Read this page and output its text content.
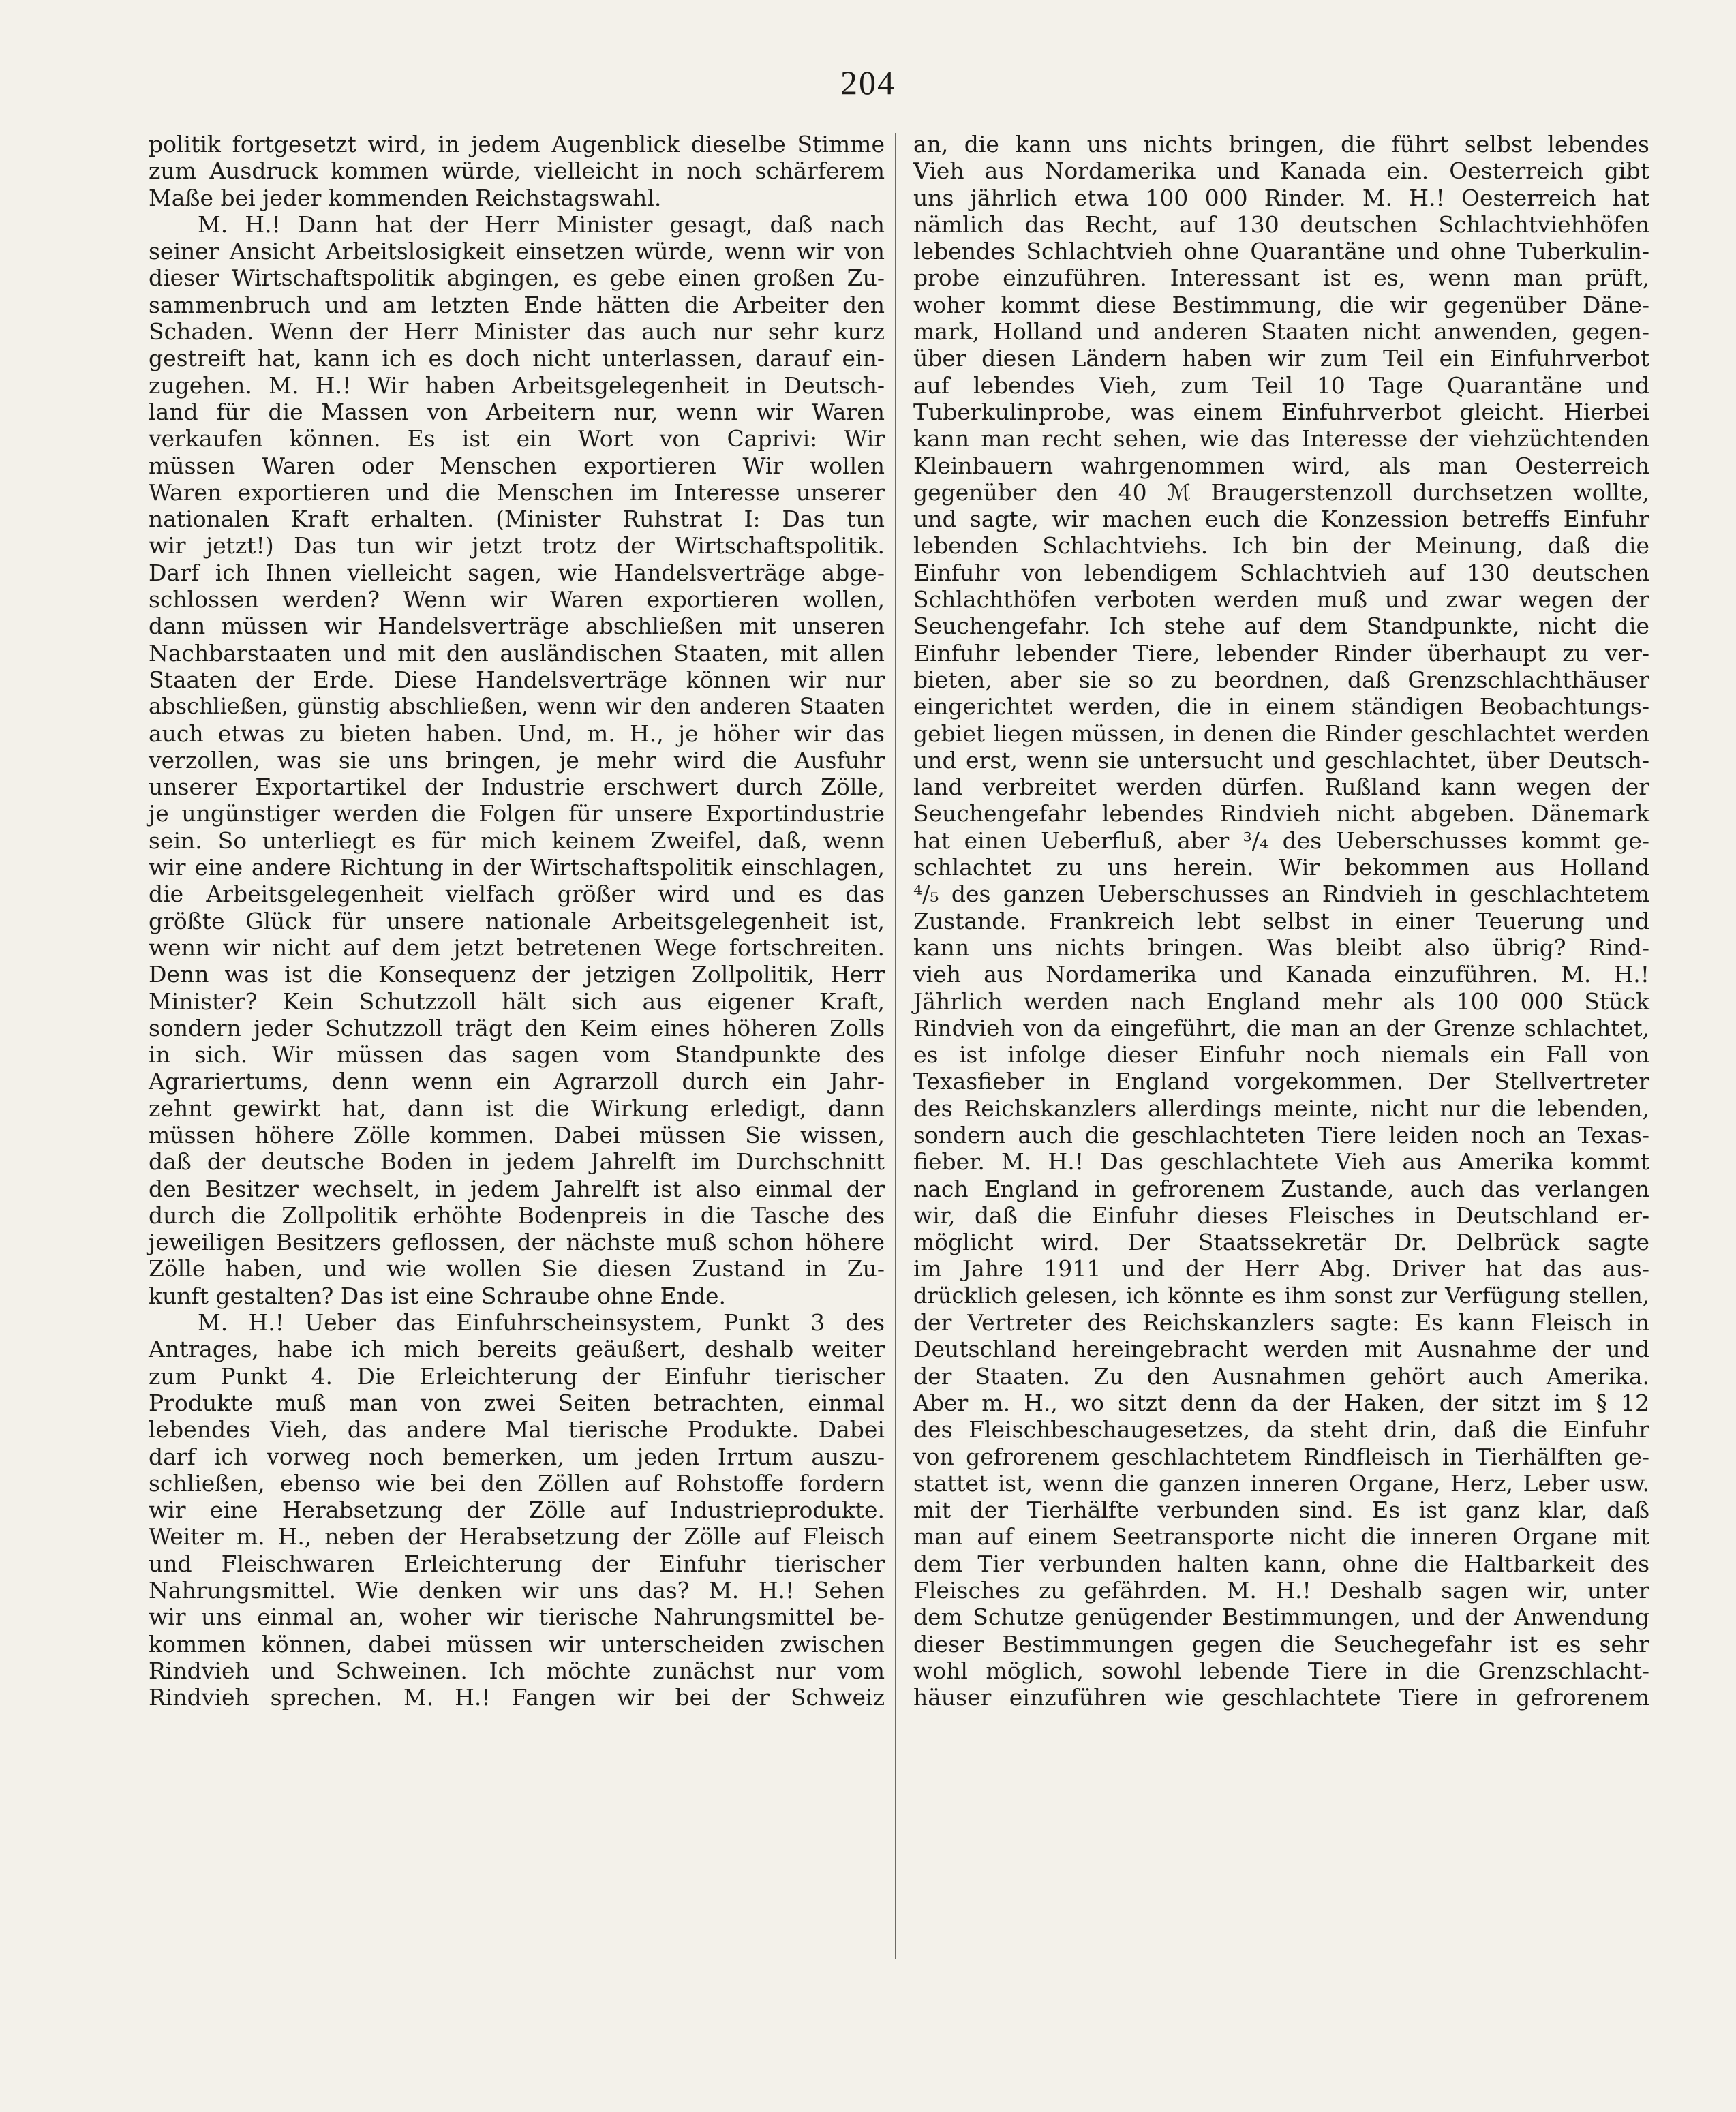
204
politik fortgesetzt wird, in jedem Augenblick dieselbe Stimme
zum Ausdruck kommen würde, vielleicht in noch schärferem
Maße bei jeder kommenden Reichstagswahl.
M. H.! Dann hat der Herr Minister gesagt, daß nach
seiner Ansicht Arbeitslosigkeit einsetzen würde, wenn wir von
dieser Wirtschaftspolitik abgingen, es gebe einen großen Zu-
sammenbruch und am letzten Ende hätten die Arbeiter den
Schaden. Wenn der Herr Minister das auch nur sehr kurz
gestreift hat, kann ich es doch nicht unterlassen, darauf ein-
zugehen. M. H.! Wir haben Arbeitsgelegenheit in Deutsch-
land für die Massen von Arbeitern nur, wenn wir Waren
verkaufen können. Es ist ein Wort von Caprivi: Wir
müssen Waren oder Menschen exportieren Wir wollen
Waren exportieren und die Menschen im Interesse unserer
nationalen Kraft erhalten. (Minister Ruhstrat I: Das tun
wir jetzt!) Das tun wir jetzt trotz der Wirtschaftspolitik.
Darf ich Ihnen vielleicht sagen, wie Handelsverträge abge-
schlossen werden? Wenn wir Waren exportieren wollen,
dann müssen wir Handelsverträge abschließen mit unseren
Nachbarstaaten und mit den ausländischen Staaten, mit allen
Staaten der Erde. Diese Handelsverträge können wir nur
abschließen, günstig abschließen, wenn wir den anderen Staaten
auch etwas zu bieten haben. Und, m. H., je höher wir das
verzollen, was sie uns bringen, je mehr wird die Ausfuhr
unserer Exportartikel der Industrie erschwert durch Zölle,
je ungünstiger werden die Folgen für unsere Exportindustrie
sein. So unterliegt es für mich keinem Zweifel, daß, wenn
wir eine andere Richtung in der Wirtschaftspolitik einschlagen,
die Arbeitsgelegenheit vielfach größer wird und es das
größte Glück für unsere nationale Arbeitsgelegenheit ist,
wenn wir nicht auf dem jetzt betretenen Wege fortschreiten.
Denn was ist die Konsequenz der jetzigen Zollpolitik, Herr
Minister? Kein Schutzzoll hält sich aus eigener Kraft,
sondern jeder Schutzzoll trägt den Keim eines höheren Zolls
in sich. Wir müssen das sagen vom Standpunkte des
Agrariertums, denn wenn ein Agrarzoll durch ein Jahr-
zehnt gewirkt hat, dann ist die Wirkung erledigt, dann
müssen höhere Zölle kommen. Dabei müssen Sie wissen,
daß der deutsche Boden in jedem Jahrelft im Durchschnitt
den Besitzer wechselt, in jedem Jahrelft ist also einmal der
durch die Zollpolitik erhöhte Bodenpreis in die Tasche des
jeweiligen Besitzers geflossen, der nächste muß schon höhere
Zölle haben, und wie wollen Sie diesen Zustand in Zu-
kunft gestalten? Das ist eine Schraube ohne Ende.
M. H.! Ueber das Einfuhrscheinsystem, Punkt 3 des
Antrages, habe ich mich bereits geäußert, deshalb weiter
zum Punkt 4. Die Erleichterung der Einfuhr tierischer
Produkte muß man von zwei Seiten betrachten, einmal
lebendes Vieh, das andere Mal tierische Produkte. Dabei
darf ich vorweg noch bemerken, um jeden Irrtum auszu-
schließen, ebenso wie bei den Zöllen auf Rohstoffe fordern
wir eine Herabsetzung der Zölle auf Industrieprodukte.
Weiter m. H., neben der Herabsetzung der Zölle auf Fleisch
und Fleischwaren Erleichterung der Einfuhr tierischer
Nahrungsmittel. Wie denken wir uns das? M. H.! Sehen
wir uns einmal an, woher wir tierische Nahrungsmittel be-
kommen können, dabei müssen wir unterscheiden zwischen
Rindvieh und Schweinen. Ich möchte zunächst nur vom
Rindvieh sprechen. M. H.! Fangen wir bei der Schweiz
an, die kann uns nichts bringen, die führt selbst lebendes
Vieh aus Nordamerika und Kanada ein. Oesterreich gibt
uns jährlich etwa 100 000 Rinder. M. H.! Oesterreich hat
nämlich das Recht, auf 130 deutschen Schlachtviehhöfen
lebendes Schlachtvieh ohne Quarantäne und ohne Tuberkulin-
probe einzuführen. Interessant ist es, wenn man prüft,
woher kommt diese Bestimmung, die wir gegenüber Däne-
mark, Holland und anderen Staaten nicht anwenden, gegen-
über diesen Ländern haben wir zum Teil ein Einfuhrverbot
auf lebendes Vieh, zum Teil 10 Tage Quarantäne und
Tuberkulinprobe, was einem Einfuhrverbot gleicht. Hierbei
kann man recht sehen, wie das Interesse der viehzüchtenden
Kleinbauern wahrgenommen wird, als man Oesterreich
gegenüber den 40 ℳ Braugerstenzoll durchsetzen wollte,
und sagte, wir machen euch die Konzession betreffs Einfuhr
lebenden Schlachtviehs. Ich bin der Meinung, daß die
Einfuhr von lebendigem Schlachtvieh auf 130 deutschen
Schlachthöfen verboten werden muß und zwar wegen der
Seuchengefahr. Ich stehe auf dem Standpunkte, nicht die
Einfuhr lebender Tiere, lebender Rinder überhaupt zu ver-
bieten, aber sie so zu beordnen, daß Grenzschlachthäuser
eingerichtet werden, die in einem ständigen Beobachtungs-
gebiet liegen müssen, in denen die Rinder geschlachtet werden
und erst, wenn sie untersucht und geschlachtet, über Deutsch-
land verbreitet werden dürfen. Rußland kann wegen der
Seuchengefahr lebendes Rindvieh nicht abgeben. Dänemark
hat einen Ueberfluß, aber ³/₄ des Ueberschusses kommt ge-
schlachtet zu uns herein. Wir bekommen aus Holland
⁴/₅ des ganzen Ueberschusses an Rindvieh in geschlachtetem
Zustande. Frankreich lebt selbst in einer Teuerung und
kann uns nichts bringen. Was bleibt also übrig? Rind-
vieh aus Nordamerika und Kanada einzuführen. M. H.!
Jährlich werden nach England mehr als 100 000 Stück
Rindvieh von da eingeführt, die man an der Grenze schlachtet,
es ist infolge dieser Einfuhr noch niemals ein Fall von
Texasfieber in England vorgekommen. Der Stellvertreter
des Reichskanzlers allerdings meinte, nicht nur die lebenden,
sondern auch die geschlachteten Tiere leiden noch an Texas-
fieber. M. H.! Das geschlachtete Vieh aus Amerika kommt
nach England in gefrorenem Zustande, auch das verlangen
wir, daß die Einfuhr dieses Fleisches in Deutschland er-
möglicht wird. Der Staatssekretär Dr. Delbrück sagte
im Jahre 1911 und der Herr Abg. Driver hat das aus-
drücklich gelesen, ich könnte es ihm sonst zur Verfügung stellen,
der Vertreter des Reichskanzlers sagte: Es kann Fleisch in
Deutschland hereingebracht werden mit Ausnahme der und
der Staaten. Zu den Ausnahmen gehört auch Amerika.
Aber m. H., wo sitzt denn da der Haken, der sitzt im § 12
des Fleischbeschaugesetzes, da steht drin, daß die Einfuhr
von gefrorenem geschlachtetem Rindfleisch in Tierhälften ge-
stattet ist, wenn die ganzen inneren Organe, Herz, Leber usw.
mit der Tierhälfte verbunden sind. Es ist ganz klar, daß
man auf einem Seetransporte nicht die inneren Organe mit
dem Tier verbunden halten kann, ohne die Haltbarkeit des
Fleisches zu gefährden. M. H.! Deshalb sagen wir, unter
dem Schutze genügender Bestimmungen, und der Anwendung
dieser Bestimmungen gegen die Seuchegefahr ist es sehr
wohl möglich, sowohl lebende Tiere in die Grenzschlacht-
häuser einzuführen wie geschlachtete Tiere in gefrorenem
